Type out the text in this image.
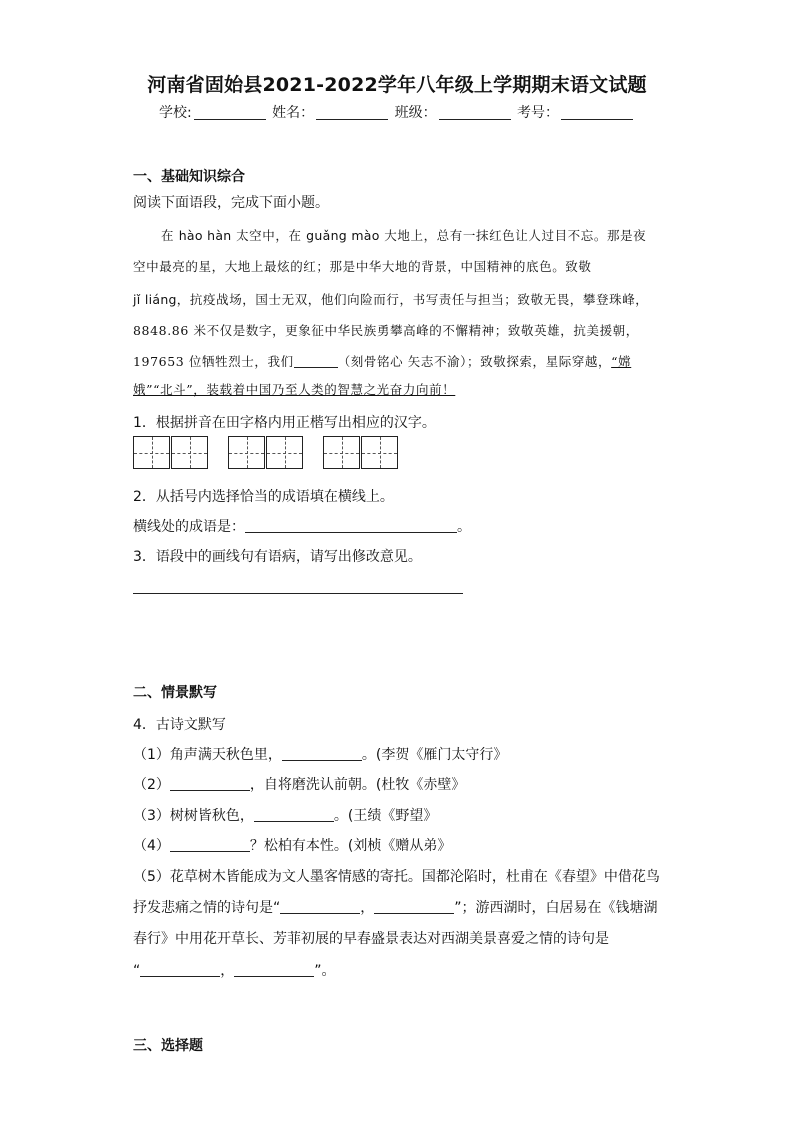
河南省固始县2021-2022学年八年级上学期期末语文试题
学校:	姓名：	班级：	考号：
一、基础知识综合
阅读下面语段，完成下面小题。
在 hào hàn 太空中，在 guǎng mào 大地上，总有一抹红色让人过目不忘。那是夜
空中最亮的星，大地上最炫的红；那是中华大地的背景，中国精神的底色。致敬
jǐ liáng，抗疫战场，国士无双，他们向险而行，书写责任与担当；致敬无畏，攀登珠峰，
8848.86 米不仅是数字，更象征中华民族勇攀高峰的不懈精神；致敬英雄，抗美援朝，
197653 位牺牲烈士，我们	（刻骨铭心 矢志不渝）；致敬探索，星际穿越，“嫦
娥”“北斗”，装载着中国乃至人类的智慧之光奋力向前！
1．根据拼音在田字格内用正楷写出相应的汉字。
2．从括号内选择恰当的成语填在横线上。
横线处的成语是：	。
3．语段中的画线句有语病，请写出修改意见。
二、情景默写
4．古诗文默写
（1）角声满天秋色里，	。(李贺《雁门太守行》
（2）	，自将磨洗认前朝。(杜牧《赤壁》
（3）树树皆秋色，	。(王绩《野望》
（4）	？松柏有本性。(刘桢《赠从弟》
（5）花草树木皆能成为文人墨客情感的寄托。国都沦陷时，杜甫在《春望》中借花鸟
抒发悲痛之情的诗句是“	，	”；游西湖时，白居易在《钱塘湖
春行》中用花开草长、芳菲初展的早春盛景表达对西湖美景喜爱之情的诗句是
“	，	”。
三、选择题
